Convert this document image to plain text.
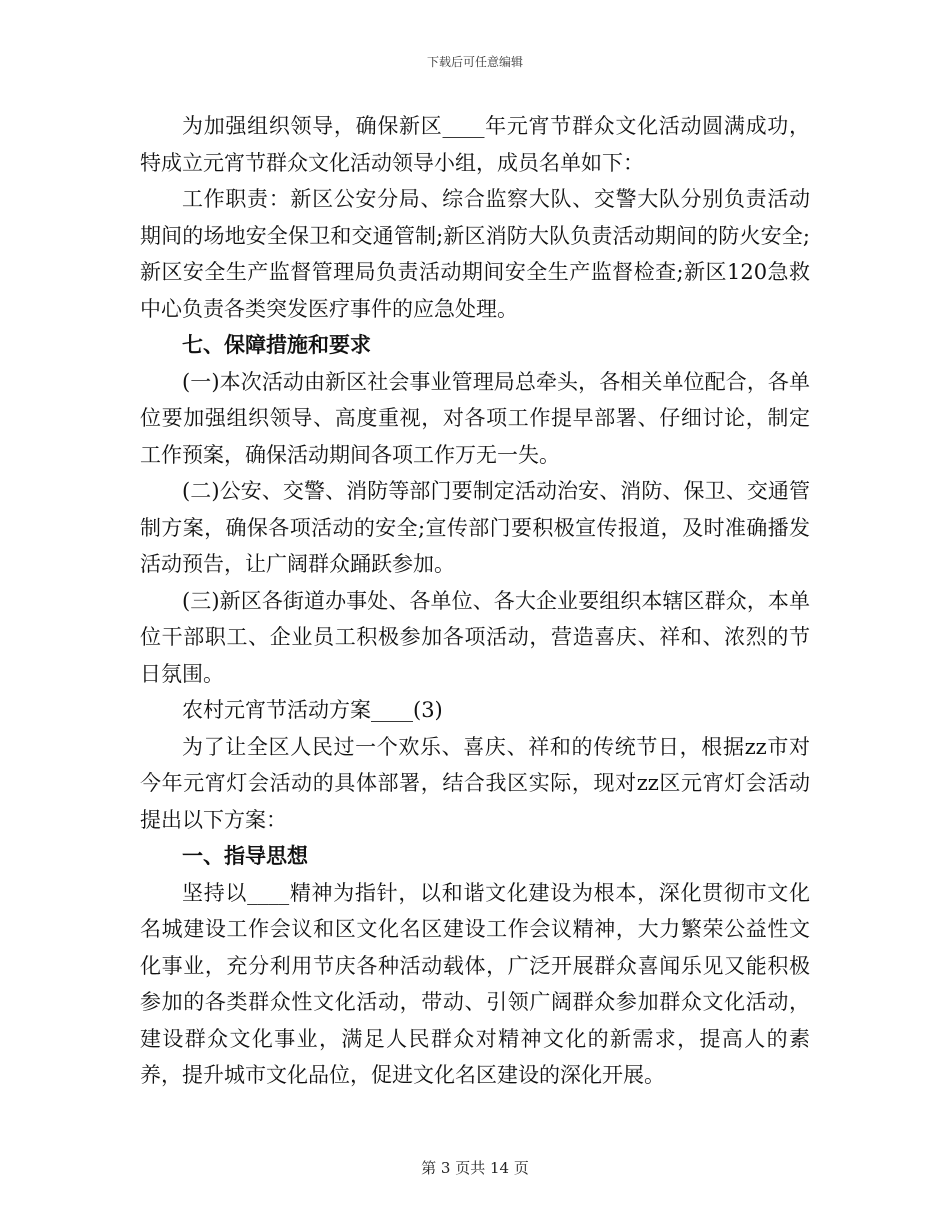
下载后可任意编辑

为加强组织领导，确保新区____年元宵节群众文化活动圆满成功，特成立元宵节群众文化活动领导小组，成员名单如下：

工作职责：新区公安分局、综合监察大队、交警大队分别负责活动期间的场地安全保卫和交通管制;新区消防大队负责活动期间的防火安全;新区安全生产监督管理局负责活动期间安全生产监督检查;新区120急救中心负责各类突发医疗事件的应急处理。

七、保障措施和要求

(一)本次活动由新区社会事业管理局总牵头，各相关单位配合，各单位要加强组织领导、高度重视，对各项工作提早部署、仔细讨论，制定工作预案，确保活动期间各项工作万无一失。

(二)公安、交警、消防等部门要制定活动治安、消防、保卫、交通管制方案，确保各项活动的安全;宣传部门要积极宣传报道，及时准确播发活动预告，让广阔群众踊跃参加。

(三)新区各街道办事处、各单位、各大企业要组织本辖区群众，本单位干部职工、企业员工积极参加各项活动，营造喜庆、祥和、浓烈的节日氛围。

农村元宵节活动方案____(3)

为了让全区人民过一个欢乐、喜庆、祥和的传统节日，根据zz市对今年元宵灯会活动的具体部署，结合我区实际，现对zz区元宵灯会活动提出以下方案：

一、指导思想

坚持以____精神为指针，以和谐文化建设为根本，深化贯彻市文化名城建设工作会议和区文化名区建设工作会议精神，大力繁荣公益性文化事业，充分利用节庆各种活动载体，广泛开展群众喜闻乐见又能积极参加的各类群众性文化活动，带动、引领广阔群众参加群众文化活动，建设群众文化事业，满足人民群众对精神文化的新需求，提高人的素养，提升城市文化品位，促进文化名区建设的深化开展。

第 3 页共 14 页
